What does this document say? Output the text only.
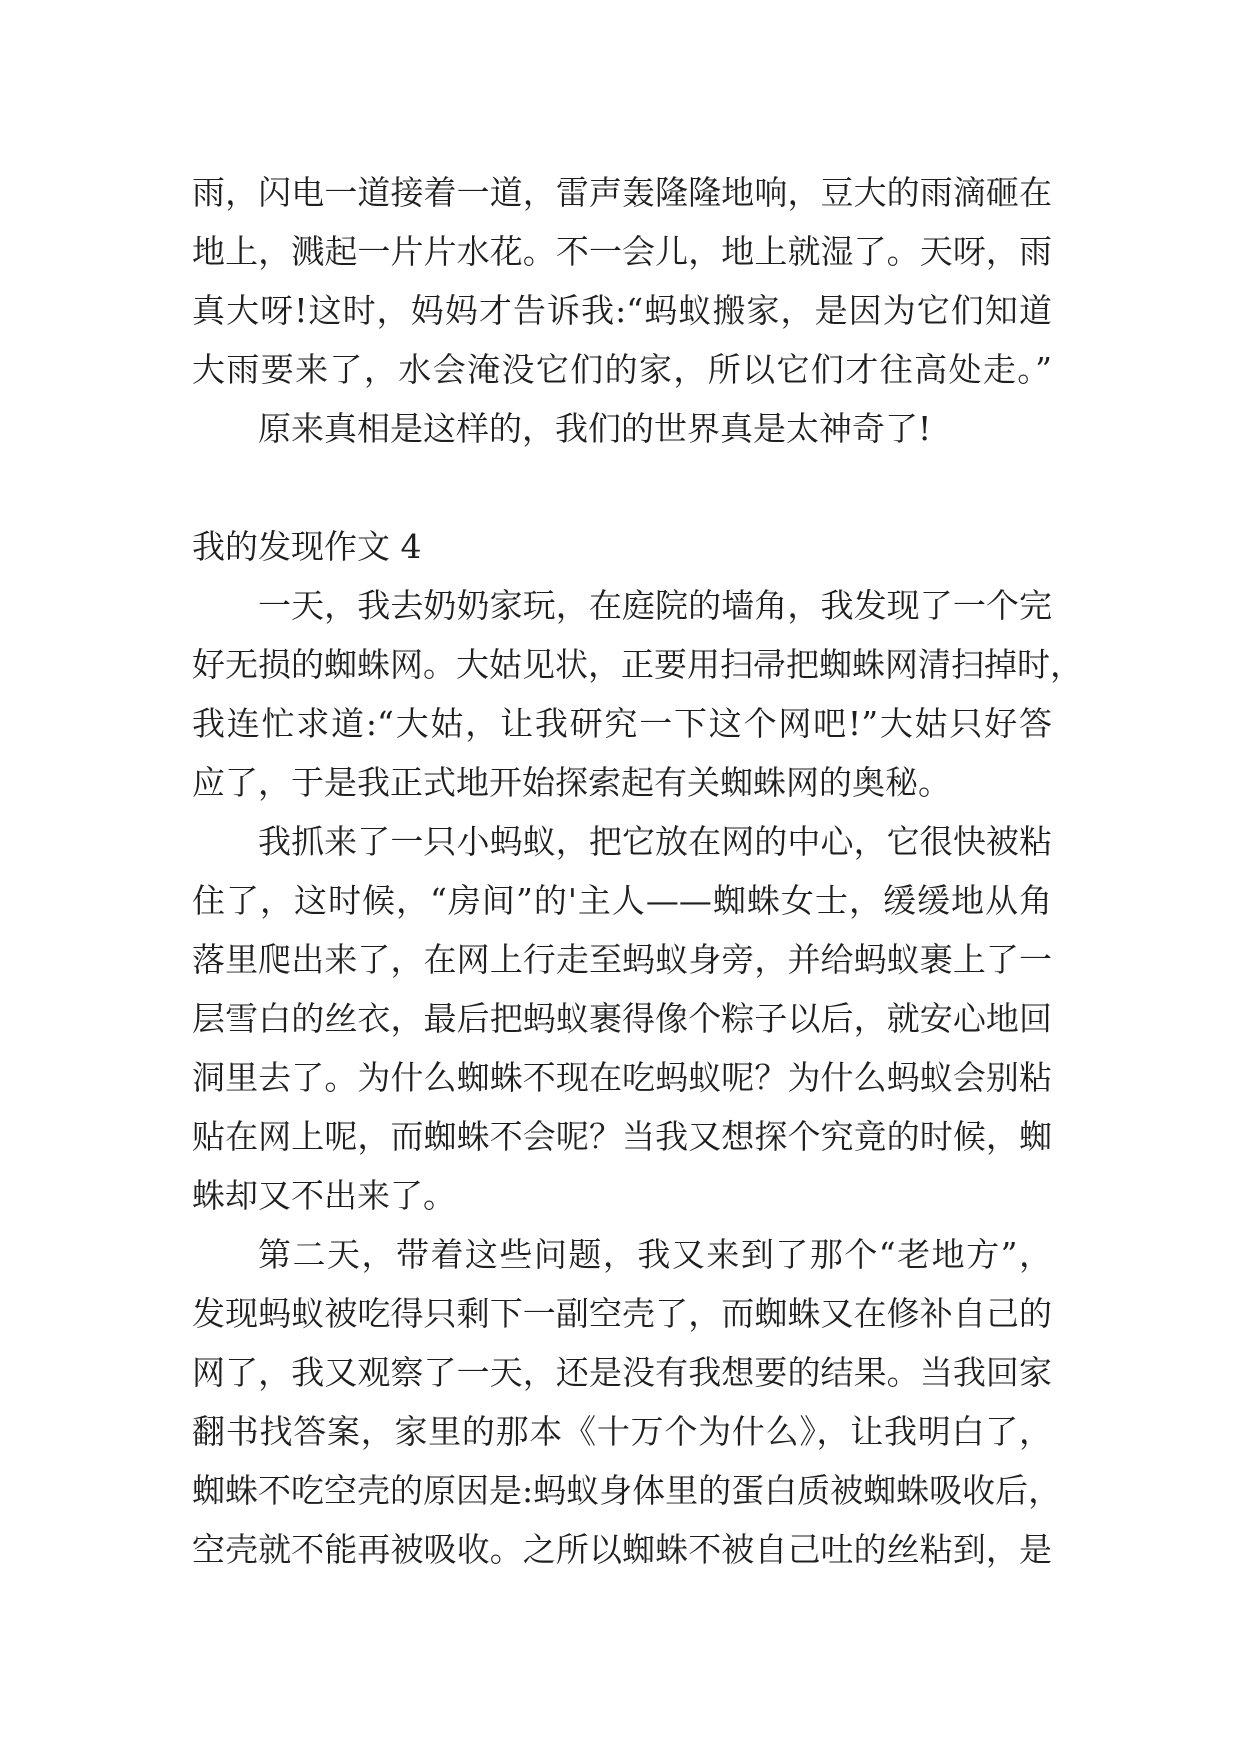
雨，闪电一道接着一道，雷声轰隆隆地响，豆大的雨滴砸在
地上，溅起一片片水花。不一会儿，地上就湿了。天呀，雨
真大呀!这时，妈妈才告诉我:“蚂蚁搬家，是因为它们知道
大雨要来了，水会淹没它们的家，所以它们才往高处走。”
原来真相是这样的，我们的世界真是太神奇了!
我的发现作文 4
一天，我去奶奶家玩，在庭院的墙角，我发现了一个完
好无损的蜘蛛网。大姑见状，正要用扫帚把蜘蛛网清扫掉时，
我连忙求道:“大姑，让我研究一下这个网吧!”大姑只好答
应了，于是我正式地开始探索起有关蜘蛛网的奥秘。
我抓来了一只小蚂蚁，把它放在网的中心，它很快被粘
住了，这时候，“房间”的'主人——蜘蛛女士，缓缓地从角
落里爬出来了，在网上行走至蚂蚁身旁，并给蚂蚁裹上了一
层雪白的丝衣，最后把蚂蚁裹得像个粽子以后，就安心地回
洞里去了。为什么蜘蛛不现在吃蚂蚁呢？为什么蚂蚁会别粘
贴在网上呢，而蜘蛛不会呢？当我又想探个究竟的时候，蜘
蛛却又不出来了。
第二天，带着这些问题，我又来到了那个“老地方”，
发现蚂蚁被吃得只剩下一副空壳了，而蜘蛛又在修补自己的
网了，我又观察了一天，还是没有我想要的结果。当我回家
翻书找答案，家里的那本《十万个为什么》，让我明白了，
蜘蛛不吃空壳的原因是:蚂蚁身体里的蛋白质被蜘蛛吸收后，
空壳就不能再被吸收。之所以蜘蛛不被自己吐的丝粘到，是
